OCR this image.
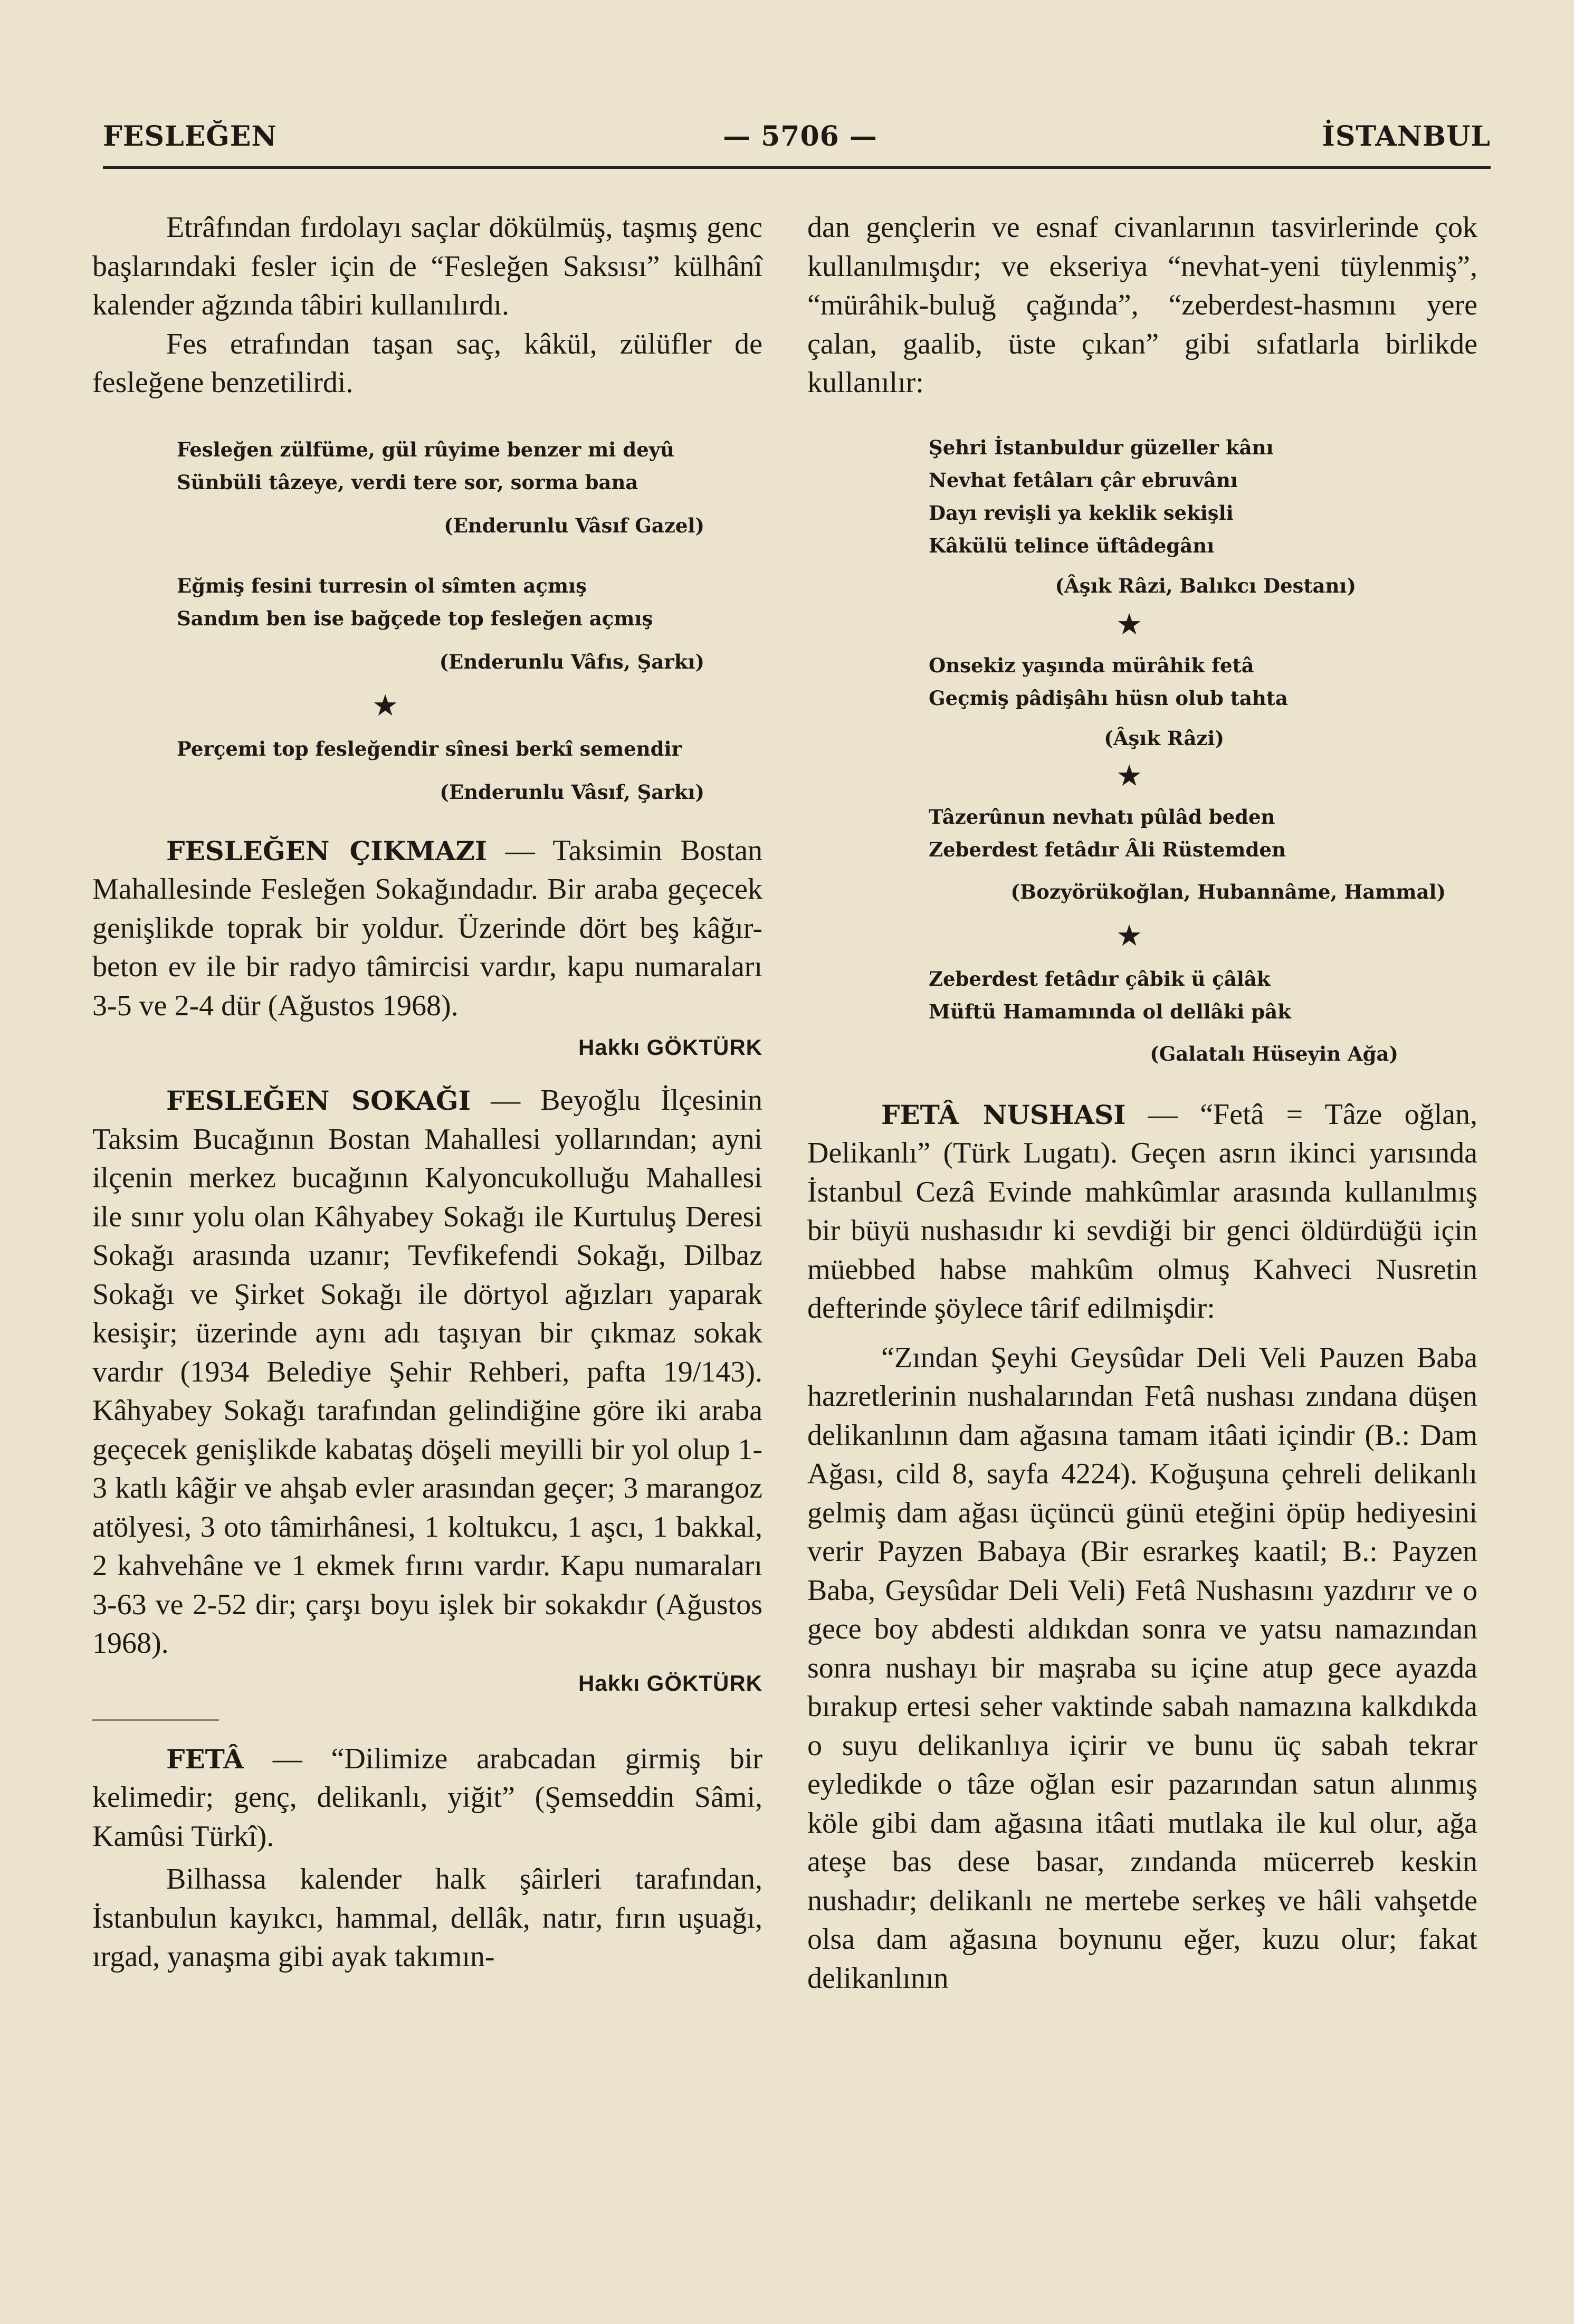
FESLEĞEN	— 5706 —	İSTANBUL

Etrâfından fırdolayı saçlar dökülmüş, taşmış genc başlarındaki fesler için de “Fesleğen Saksısı” külhânî kalender ağzında tâbiri kullanılırdı.

Fes etrafından taşan saç, kâkül, zülüfler de fesleğene benzetilirdi.

Fesleğen zülfüme, gül rûyime benzer mi deyû
Sünbüli tâzeye, verdi tere sor, sorma bana
(Enderunlu Vâsıf Gazel)
Eğmiş fesini turresin ol sîmten açmış
Sandım ben ise bağçede top fesleğen açmış
(Enderunlu Vâfıs, Şarkı)
★
Perçemi top fesleğendir sînesi berkî semendir
(Enderunlu Vâsıf, Şarkı)

FESLEĞEN ÇIKMAZI — Taksimin Bostan Mahallesinde Fesleğen Sokağındadır. Bir araba geçecek genişlikde toprak bir yoldur. Üzerinde dört beş kâğır-beton ev ile bir radyo tâmircisi vardır, kapu numaraları 3-5 ve 2-4 dür (Ağustos 1968).

Hakkı GÖKTÜRK

FESLEĞEN SOKAĞI — Beyoğlu İlçesinin Taksim Bucağının Bostan Mahallesi yollarından; ayni ilçenin merkez bucağının Kalyoncukolluğu Mahallesi ile sınır yolu olan Kâhyabey Sokağı ile Kurtuluş Deresi Sokağı arasında uzanır; Tevfikefendi Sokağı, Dilbaz Sokağı ve Şirket Sokağı ile dörtyol ağızları yaparak kesişir; üzerinde aynı adı taşıyan bir çıkmaz sokak vardır (1934 Belediye Şehir Rehberi, pafta 19/143). Kâhyabey Sokağı tarafından gelindiğine göre iki araba geçecek genişlikde kabataş döşeli meyilli bir yol olup 1-3 katlı kâğir ve ahşab evler arasından geçer; 3 marangoz atölyesi, 3 oto tâmirhânesi, 1 koltukcu, 1 aşcı, 1 bakkal, 2 kahvehâne ve 1 ekmek fırını vardır. Kapu numaraları 3-63 ve 2-52 dir; çarşı boyu işlek bir sokakdır (Ağustos 1968).

Hakkı GÖKTÜRK

FETÂ — “Dilimize arabcadan girmiş bir kelimedir; genç, delikanlı, yiğit” (Şemseddin Sâmi, Kamûsi Türkî).

Bilhassa kalender halk şâirleri tarafından, İstanbulun kayıkcı, hammal, dellâk, natır, fırın uşuağı, ırgad, yanaşma gibi ayak takımın-

dan gençlerin ve esnaf civanlarının tasvirlerinde çok kullanılmışdır; ve ekseriya “nevhat-yeni tüylenmiş”, “mürâhik-buluğ çağında”, “zeberdest-hasmını yere çalan, gaalib, üste çıkan” gibi sıfatlarla birlikde kullanılır:

Şehri İstanbuldur güzeller kânı
Nevhat fetâları çâr ebruvânı
Dayı revişli ya keklik sekişli
Kâkülü telince üftâdegânı
(Âşık Râzi, Balıkcı Destanı)
★
Onsekiz yaşında mürâhik fetâ
Geçmiş pâdişâhı hüsn olub tahta
(Âşık Râzi)
★
Tâzerûnun nevhatı pûlâd beden
Zeberdest fetâdır Âli Rüstemden
(Bozyörükoğlan, Hubannâme, Hammal)
★
Zeberdest fetâdır çâbik ü çâlâk
Müftü Hamamında ol dellâki pâk
(Galatalı Hüseyin Ağa)

FETÂ NUSHASI — “Fetâ = Tâze oğlan, Delikanlı” (Türk Lugatı). Geçen asrın ikinci yarısında İstanbul Cezâ Evinde mahkûmlar arasında kullanılmış bir büyü nushasıdır ki sevdiği bir genci öldürdüğü için müebbed habse mahkûm olmuş Kahveci Nusretin defterinde şöylece târif edilmişdir:

“Zından Şeyhi Geysûdar Deli Veli Pauzen Baba hazretlerinin nushalarından Fetâ nushası zındana düşen delikanlının dam ağasına tamam itâati içindir (B.: Dam Ağası, cild 8, sayfa 4224). Koğuşuna çehreli delikanlı gelmiş dam ağası üçüncü günü eteğini öpüp hediyesini verir Payzen Babaya (Bir esrarkeş kaatil; B.: Payzen Baba, Geysûdar Deli Veli) Fetâ Nushasını yazdırır ve o gece boy abdesti aldıkdan sonra ve yatsu namazından sonra nushayı bir maşraba su içine atup gece ayazda bırakup ertesi seher vaktinde sabah namazına kalkdıkda o suyu delikanlıya içirir ve bunu üç sabah tekrar eyledikde o tâze oğlan esir pazarından satun alınmış köle gibi dam ağasına itâati mutlaka ile kul olur, ağa ateşe bas dese basar, zındanda mücerreb keskin nushadır; delikanlı ne mertebe serkeş ve hâli vahşetde olsa dam ağasına boynunu eğer, kuzu olur; fakat delikanlının
